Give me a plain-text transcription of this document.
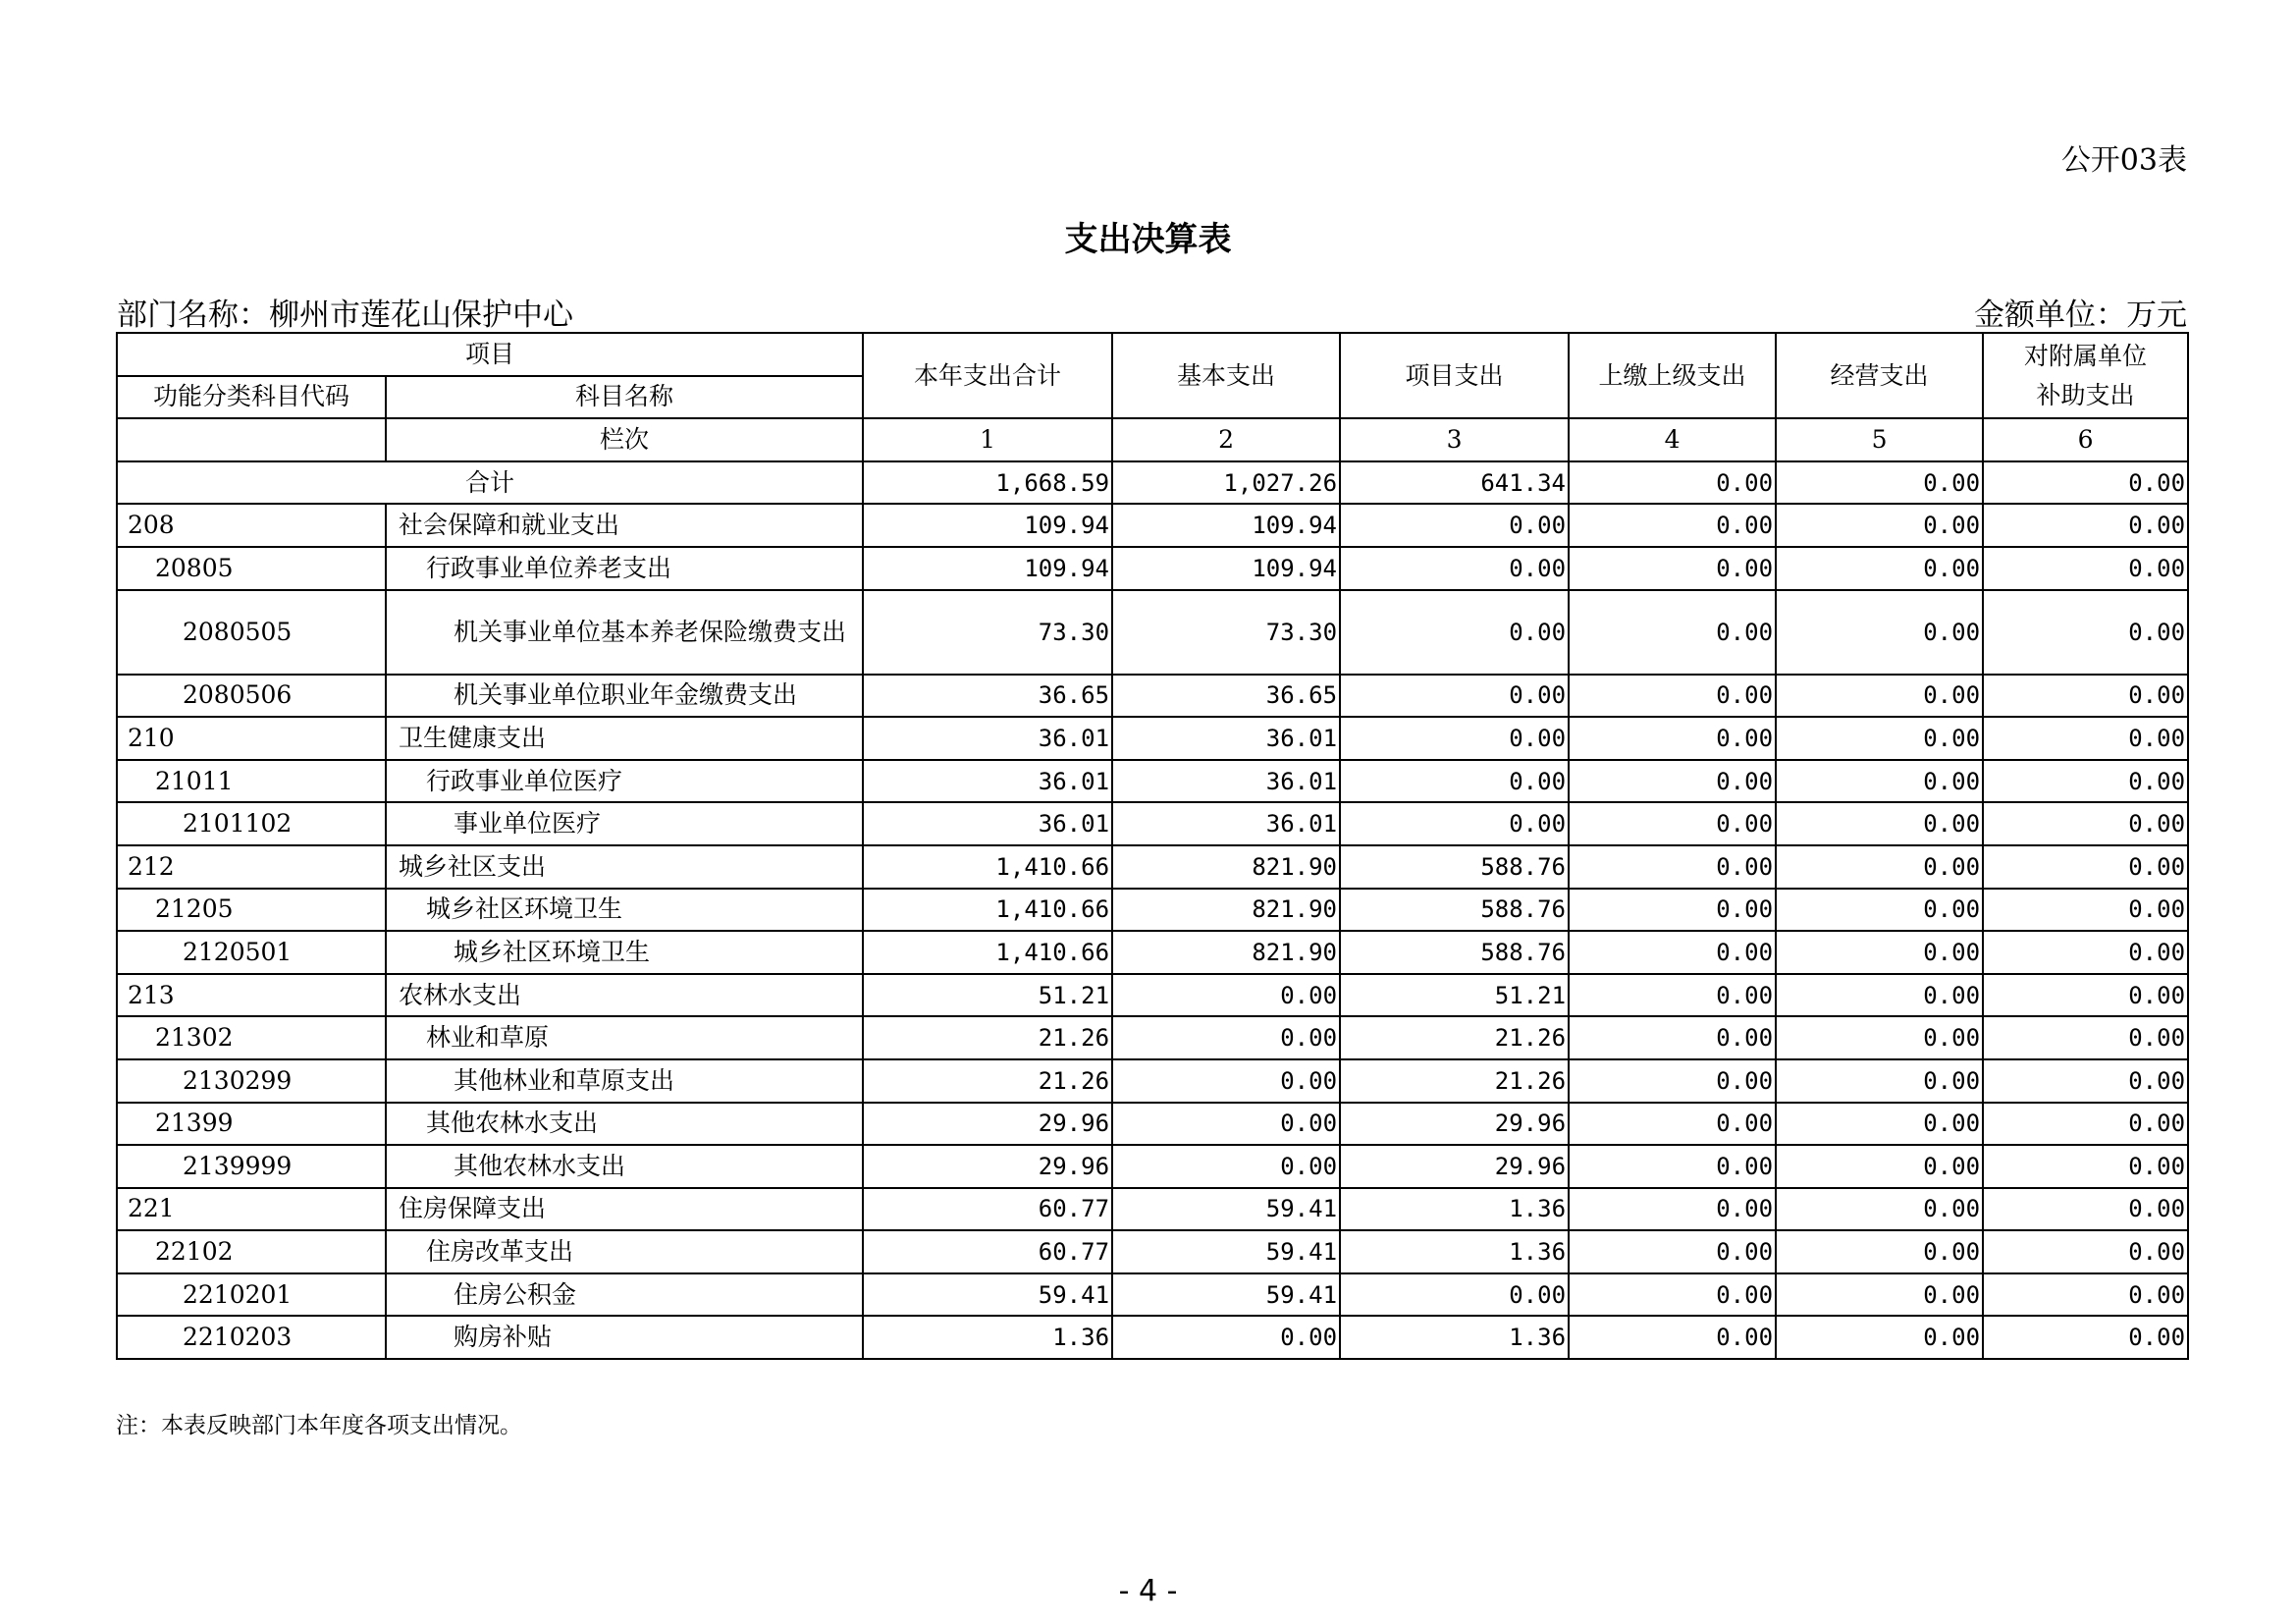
公开03表
支出决算表
部门名称：柳州市莲花山保护中心	金额单位：万元
项目		本年支出合计	基本支出	项目支出	上缴上级支出	经营支出	对附属单位补助支出
功能分类科目代码	科目名称						
	栏次	1	2	3	4	5	6
合计		1,668.59	1,027.26	641.34	0.00	0.00	0.00
208	社会保障和就业支出	109.94	109.94	0.00	0.00	0.00	0.00
20805	行政事业单位养老支出	109.94	109.94	0.00	0.00	0.00	0.00
2080505	机关事业单位基本养老保险缴费支出	73.30	73.30	0.00	0.00	0.00	0.00
2080506	机关事业单位职业年金缴费支出	36.65	36.65	0.00	0.00	0.00	0.00
210	卫生健康支出	36.01	36.01	0.00	0.00	0.00	0.00
21011	行政事业单位医疗	36.01	36.01	0.00	0.00	0.00	0.00
2101102	事业单位医疗	36.01	36.01	0.00	0.00	0.00	0.00
212	城乡社区支出	1,410.66	821.90	588.76	0.00	0.00	0.00
21205	城乡社区环境卫生	1,410.66	821.90	588.76	0.00	0.00	0.00
2120501	城乡社区环境卫生	1,410.66	821.90	588.76	0.00	0.00	0.00
213	农林水支出	51.21	0.00	51.21	0.00	0.00	0.00
21302	林业和草原	21.26	0.00	21.26	0.00	0.00	0.00
2130299	其他林业和草原支出	21.26	0.00	21.26	0.00	0.00	0.00
21399	其他农林水支出	29.96	0.00	29.96	0.00	0.00	0.00
2139999	其他农林水支出	29.96	0.00	29.96	0.00	0.00	0.00
221	住房保障支出	60.77	59.41	1.36	0.00	0.00	0.00
22102	住房改革支出	60.77	59.41	1.36	0.00	0.00	0.00
2210201	住房公积金	59.41	59.41	0.00	0.00	0.00	0.00
2210203	购房补贴	1.36	0.00	1.36	0.00	0.00	0.00
注：本表反映部门本年度各项支出情况。
- 4 -
